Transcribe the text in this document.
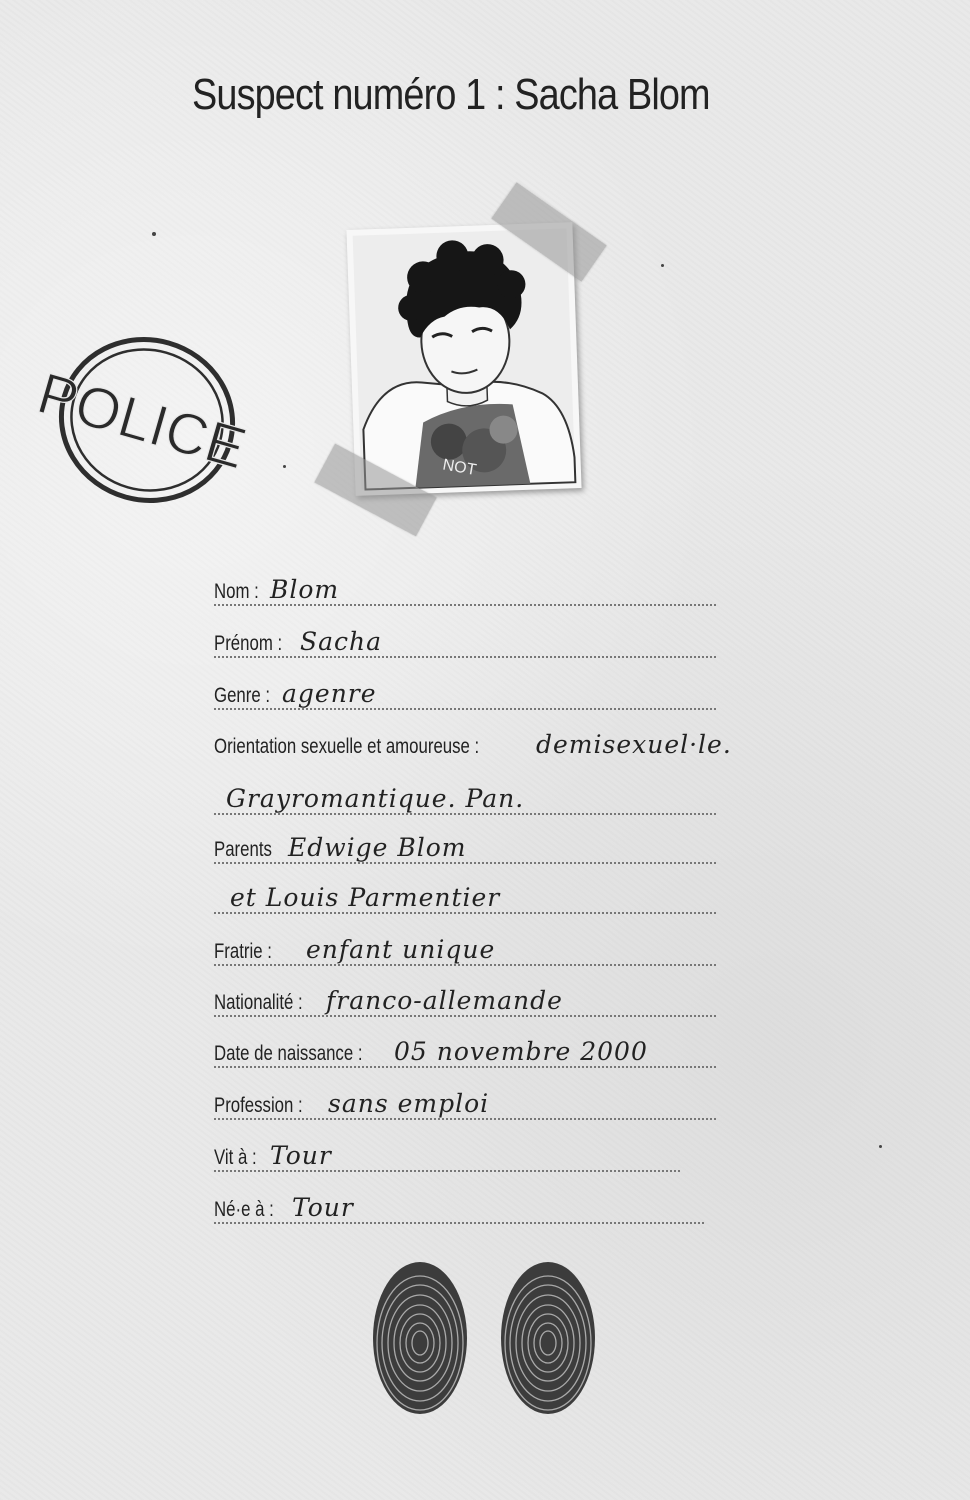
Suspect numéro 1 : Sacha Blom
POLICE	NOT
Nom : Blom
Prénom : Sacha
Genre : agenre
Orientation sexuelle et amoureuse : demisexuel·le.
Grayromantique. Pan.
Parents Edwige Blom
et Louis Parmentier
Fratrie : enfant unique
Nationalité : franco-allemande
Date de naissance : 05 novembre 2000
Profession : sans emploi
Vit à : Tour
Né·e à : Tour
